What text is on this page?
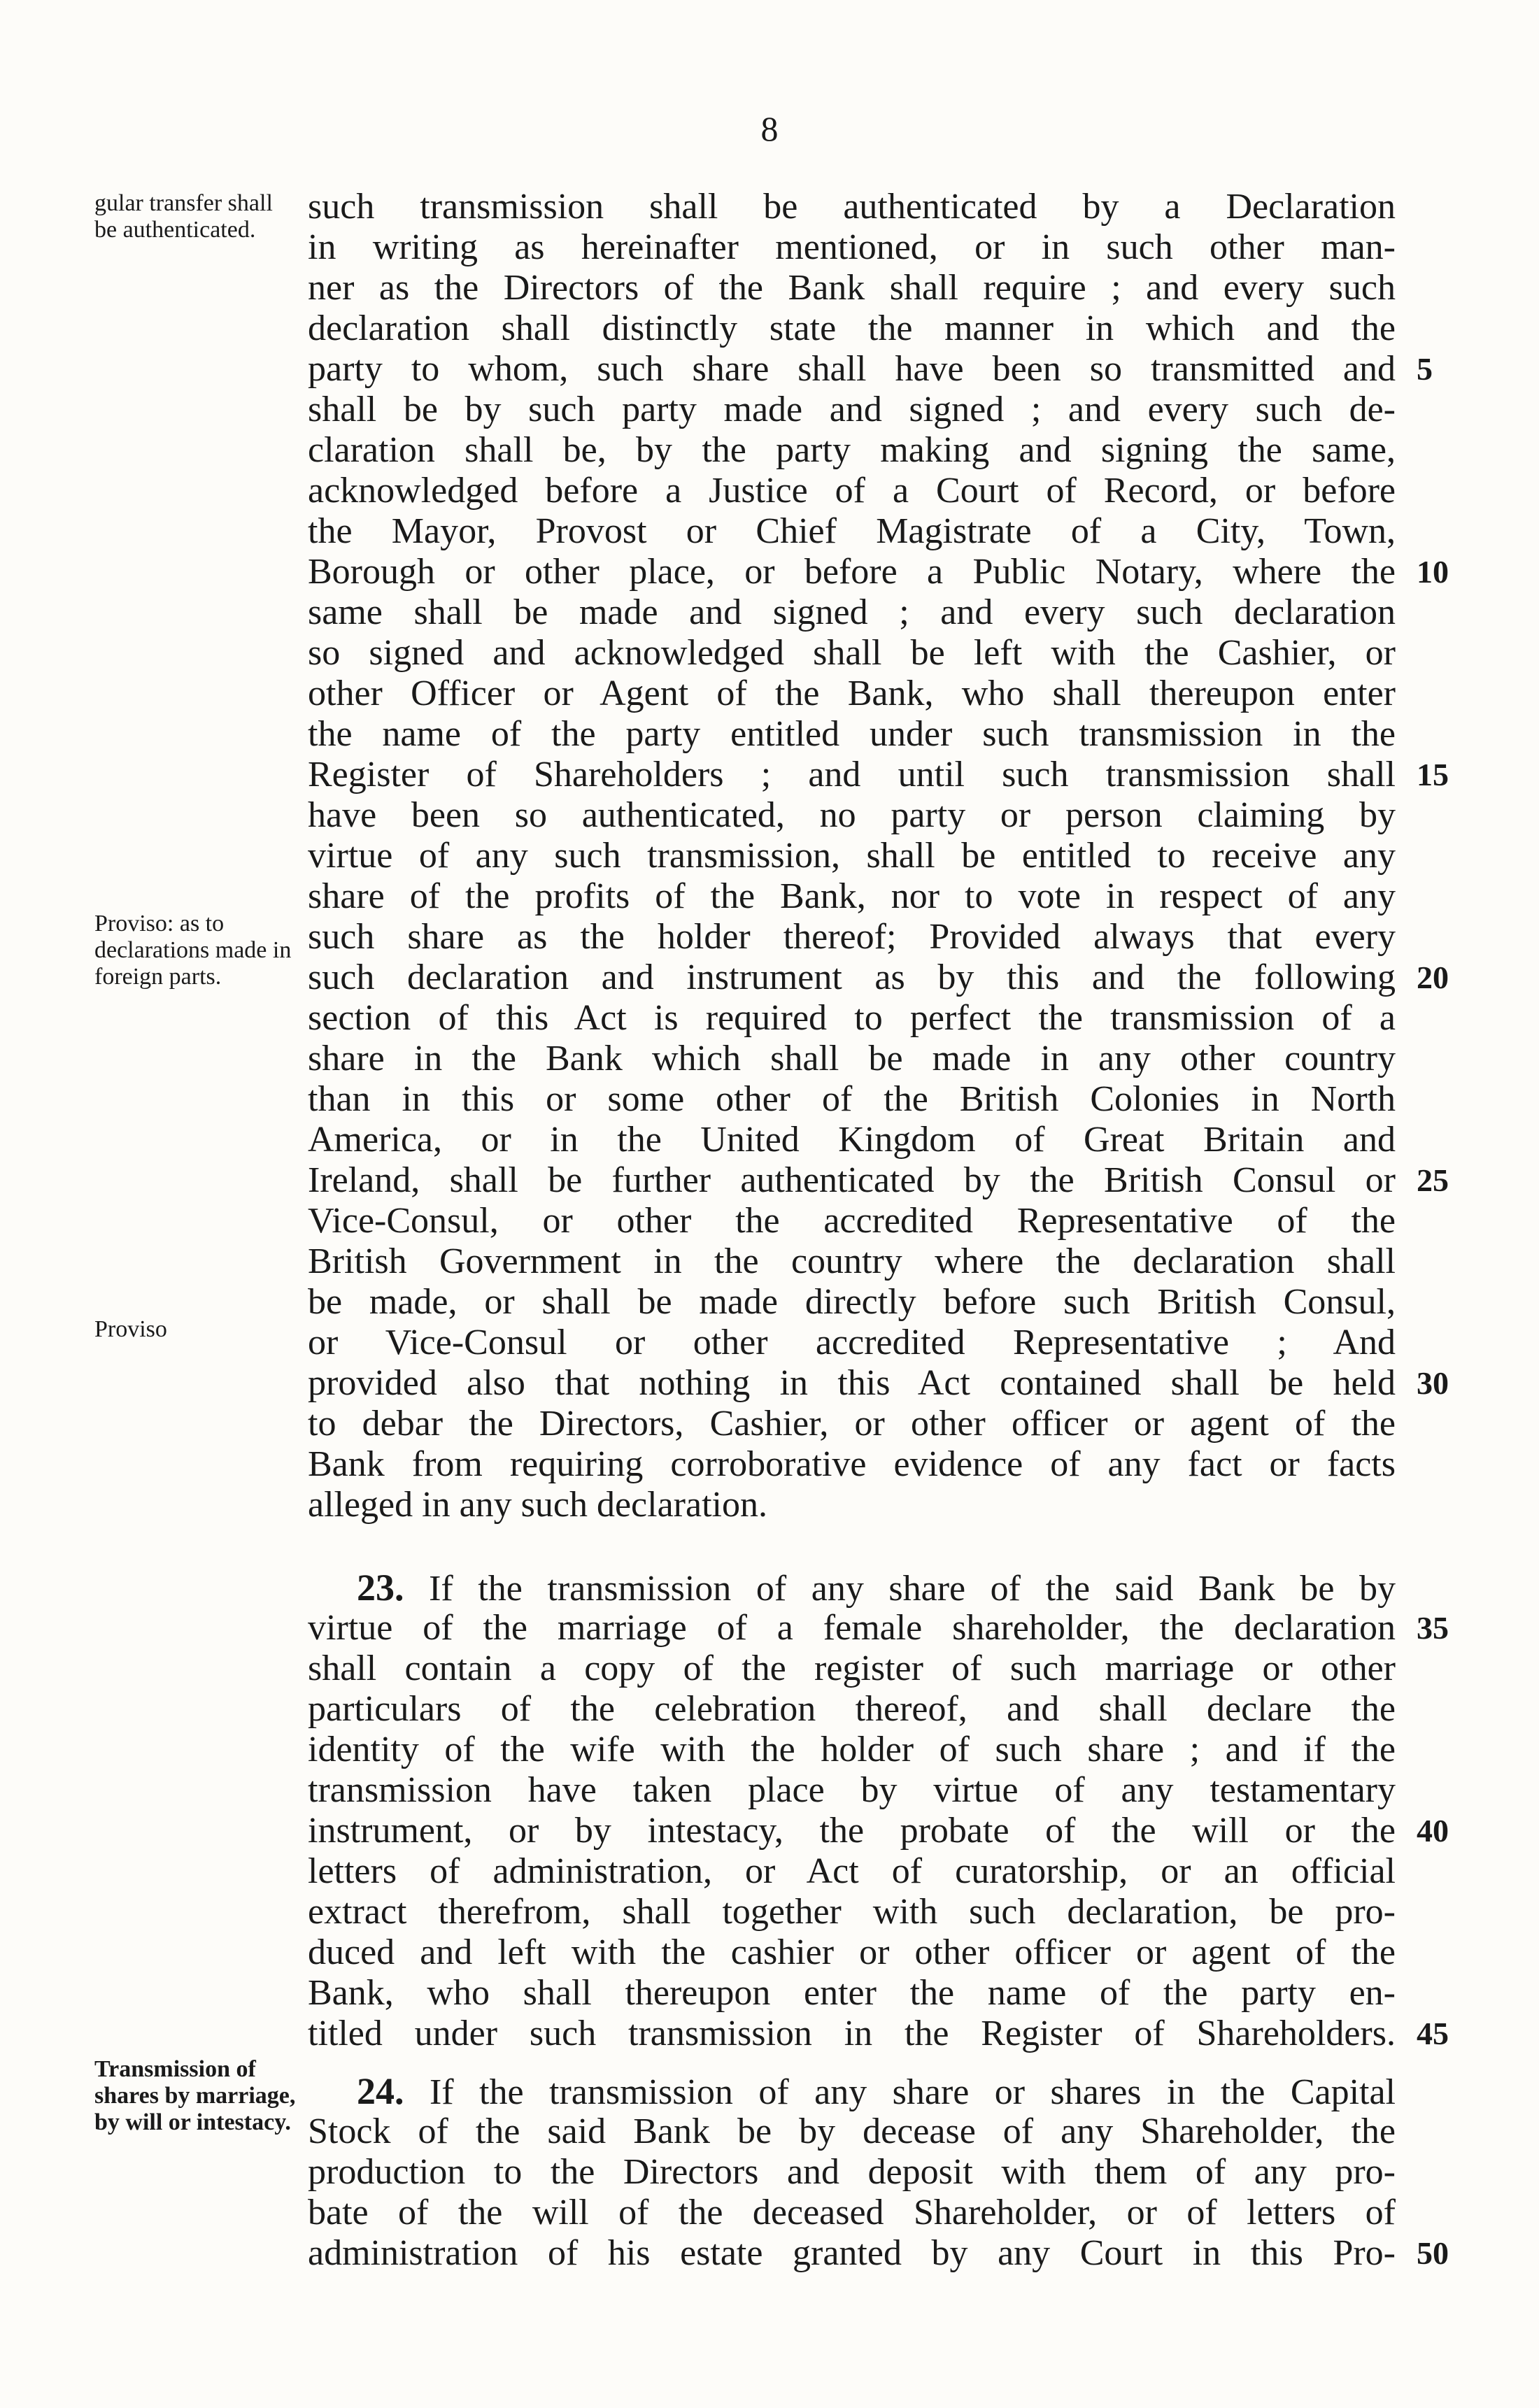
8
gular transfer shall be authenticated.
Proviso: as to declarations made in foreign parts.
Proviso
Transmission of shares by marriage, by will or intestacy.
such transmission shall be authenticated by a Declaration
in writing as hereinafter mentioned, or in such other man-
ner as the Directors of the Bank shall require ; and every such
declaration shall distinctly state the manner in which and the
party to whom, such share shall have been so transmitted and
shall be by such party made and signed ; and every such de-
claration shall be, by the party making and signing the same,
acknowledged before a Justice of a Court of Record, or before
the Mayor, Provost or Chief Magistrate of a City, Town,
Borough or other place, or before a Public Notary, where the
same shall be made and signed ; and every such declaration
so signed and acknowledged shall be left with the Cashier, or
other Officer or Agent of the Bank, who shall thereupon enter
the name of the party entitled under such transmission in the
Register of Shareholders ; and until such transmission shall
have been so authenticated, no party or person claiming by
virtue of any such transmission, shall be entitled to receive any
share of the profits of the Bank, nor to vote in respect of any
such share as the holder thereof; Provided always that every
such declaration and instrument as by this and the following
section of this Act is required to perfect the transmission of a
share in the Bank which shall be made in any other country
than in this or some other of the British Colonies in North
America, or in the United Kingdom of Great Britain and
Ireland, shall be further authenticated by the British Consul or
Vice-Consul, or other the accredited Representative of the
British Government in the country where the declaration shall
be made, or shall be made directly before such British Consul,
or Vice-Consul or other accredited Representative ; And
provided also that nothing in this Act contained shall be held
to debar the Directors, Cashier, or other officer or agent of the
Bank from requiring corroborative evidence of any fact or facts
alleged in any such declaration.
23. If the transmission of any share of the said Bank be by
virtue of the marriage of a female shareholder, the declaration
shall contain a copy of the register of such marriage or other
particulars of the celebration thereof, and shall declare the
identity of the wife with the holder of such share ; and if the
transmission have taken place by virtue of any testamentary
instrument, or by intestacy, the probate of the will or the
letters of administration, or Act of curatorship, or an official
extract therefrom, shall together with such declaration, be pro-
duced and left with the cashier or other officer or agent of the
Bank, who shall thereupon enter the name of the party en-
titled under such transmission in the Register of Shareholders.
24. If the transmission of any share or shares in the Capital
Stock of the said Bank be by decease of any Shareholder, the
production to the Directors and deposit with them of any pro-
bate of the will of the deceased Shareholder, or of letters of
administration of his estate granted by any Court in this Pro-
5
10
15
20
25
30
35
40
45
50
